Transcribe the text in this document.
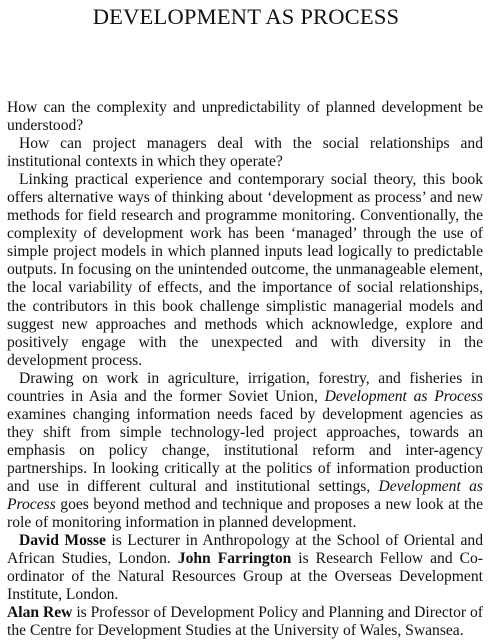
DEVELOPMENT AS PROCESS

How can the complexity and unpredictability of planned development be understood?

How can project managers deal with the social relationships and institutional contexts in which they operate?

Linking practical experience and contemporary social theory, this book offers alternative ways of thinking about ‘development as process’ and new methods for field research and programme monitoring. Conventionally, the complexity of development work has been ‘managed’ through the use of simple project models in which planned inputs lead logically to predictable outputs. In focusing on the unintended outcome, the unmanageable element, the local variability of effects, and the importance of social relationships, the contributors in this book challenge simplistic managerial models and suggest new approaches and methods which acknowledge, explore and positively engage with the unexpected and with diversity in the development process.

Drawing on work in agriculture, irrigation, forestry, and fisheries in countries in Asia and the former Soviet Union, Development as Process examines changing information needs faced by development agencies as they shift from simple technology-led project approaches, towards an emphasis on policy change, institutional reform and inter-agency partnerships. In looking critically at the politics of information production and use in different cultural and institutional settings, Development as Process goes beyond method and technique and proposes a new look at the role of monitoring information in planned development.

David Mosse is Lecturer in Anthropology at the School of Oriental and African Studies, London. John Farrington is Research Fellow and Co-ordinator of the Natural Resources Group at the Overseas Development Institute, London.

Alan Rew is Professor of Development Policy and Planning and Director of the Centre for Development Studies at the University of Wales, Swansea.
